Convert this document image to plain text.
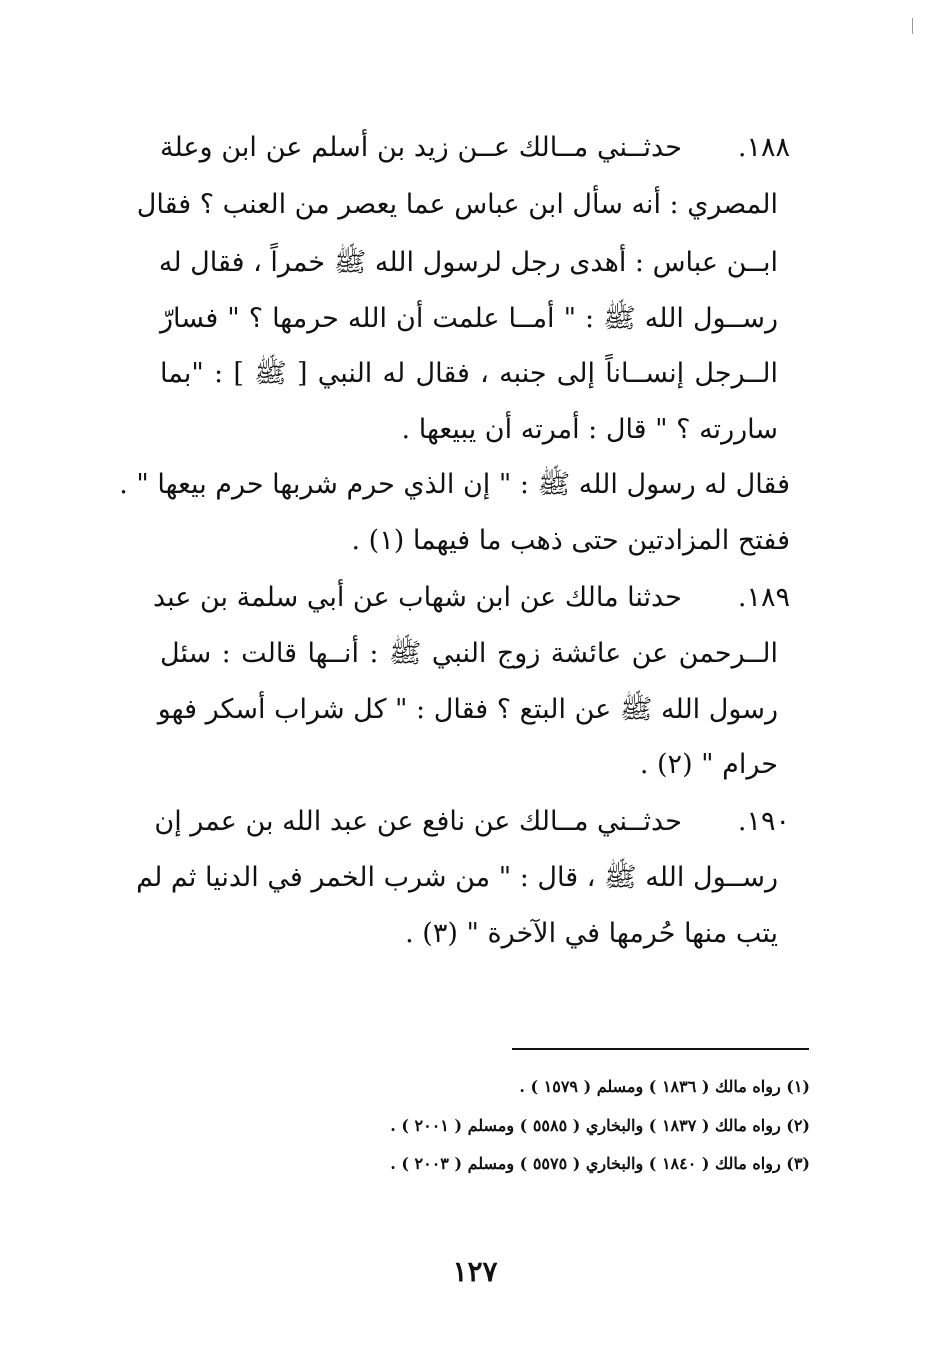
١٨٨.حدثــني مــالك عــن زيد بن أسلم عن ابن وعلة
المصري : أنه سأل ابن عباس عما يعصر من العنب ؟ فقال
ابــن عباس : أهدى رجل لرسول الله ﷺ خمراً ، فقال له
رســول الله ﷺ : " أمــا علمت أن الله حرمها ؟ " فسارّ
الــرجل إنســاناً إلى جنبه ، فقال له النبي [ ﷺ ] : "بما
ساررته ؟ " قال : أمرته أن يبيعها .
فقال له رسول الله ﷺ : " إن الذي حرم شربها حرم بيعها " .
ففتح المزادتين حتى ذهب ما فيهما (١) .
١٨٩.حدثنا مالك عن ابن شهاب عن أبي سلمة بن عبد
الــرحمن عن عائشة زوج النبي ﷺ : أنــها قالت : سئل
رسول الله ﷺ عن البتع ؟ فقال : " كل شراب أسكر فهو
حرام " (٢) .
١٩٠.حدثــني مــالك عن نافع عن عبد الله بن عمر إن
رســول الله ﷺ ، قال : " من شرب الخمر في الدنيا ثم لم
يتب منها حُرمها في الآخرة " (٣) .
(١) رواه مالك ( ١٨٣٦ ) ومسلم ( ١٥٧٩ ) .
(٢) رواه مالك ( ١٨٣٧ ) والبخاري ( ٥٥٨٥ ) ومسلم ( ٢٠٠١ ) .
(٣) رواه مالك ( ١٨٤٠ ) والبخاري ( ٥٥٧٥ ) ومسلم ( ٢٠٠٣ ) .
١٢٧
